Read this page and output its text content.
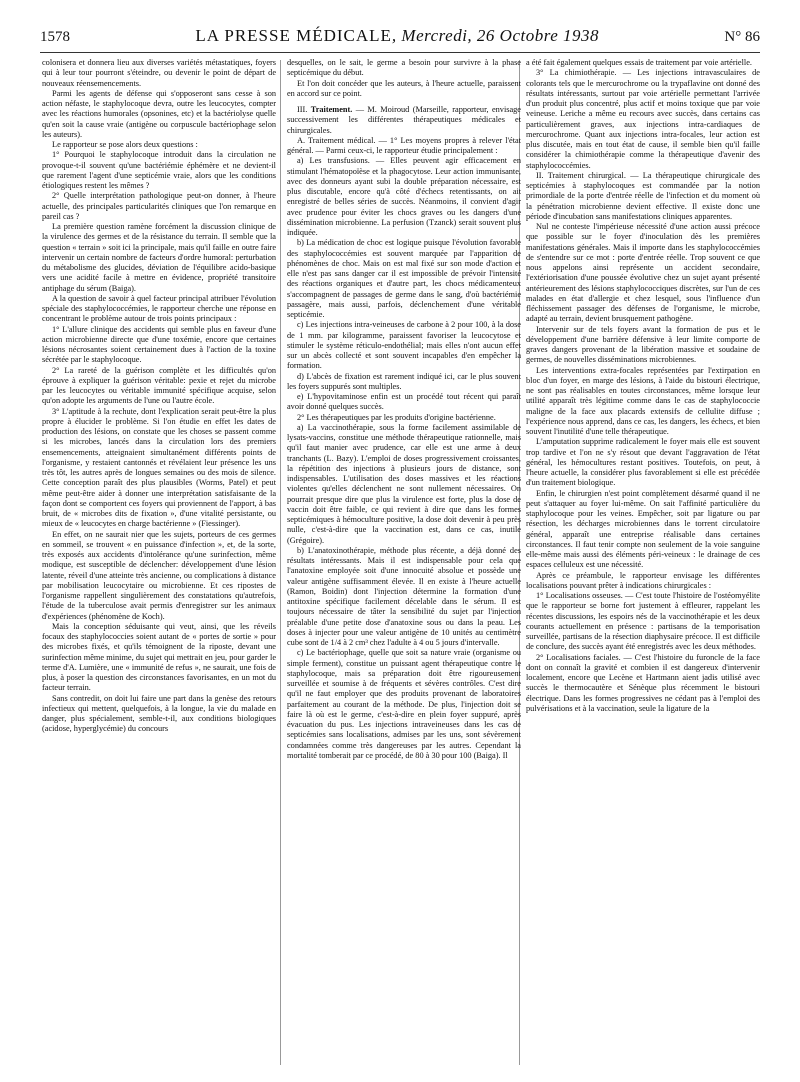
1578	LA PRESSE MÉDICALE, Mercredi, 26 Octobre 1938	N° 86

colonisera et donnera lieu aux diverses variétés métastatiques, foyers qui à leur tour pourront s'éteindre, ou devenir le point de départ de nouveaux réensemencements.

Parmi les agents de défense qui s'opposeront sans cesse à son action néfaste, le staphylocoque devra, outre les leucocytes, compter avec les réactions humorales (opsonines, etc) et la bactériolyse quelle qu'en soit la cause vraie (antigène ou corpuscule bactériophage selon les auteurs).

Le rapporteur se pose alors deux questions :

1° Pourquoi le staphylocoque introduit dans la circulation ne provoque-t-il souvent qu'une bactériémie éphémère et ne devient-il que rarement l'agent d'une septicémie vraie, alors que les conditions étiologiques restent les mêmes ?

2° Quelle interprétation pathologique peut-on donner, à l'heure actuelle, des principales particularités cliniques que l'on remarque en pareil cas ?

La première question ramène forcément la discussion clinique de la virulence des germes et de la résistance du terrain. Il semble que la question « terrain » soit ici la principale, mais qu'il faille en outre faire intervenir un certain nombre de facteurs d'ordre humoral: perturbation du métabolisme des glucides, déviation de l'équilibre acido-basique vers une acidité facile à mettre en évidence, propriété transitoire antiphage du sérum (Baiga).

A la question de savoir à quel facteur principal attribuer l'évolution spéciale des staphylococcémies, le rapporteur cherche une réponse en concentrant le problème autour de trois points principaux :

1° L'allure clinique des accidents qui semble plus en faveur d'une action microbienne directe que d'une toxémie, encore que certaines lésions nécrosantes soient certainement dues à l'action de la toxine sécrétée par le staphylocoque.

2° La rareté de la guérison complète et les difficultés qu'on éprouve à expliquer la guérison véritable: pexie et rejet du microbe par les leucocytes ou véritable immunité spécifique acquise, selon qu'on adopte les arguments de l'une ou l'autre école.

3° L'aptitude à la rechute, dont l'explication serait peut-être la plus propre à élucider le problème. Si l'on étudie en effet les dates de production des lésions, on constate que les choses se passent comme si les microbes, lancés dans la circulation lors des premiers ensemencements, atteignaient simultanément différents points de l'organisme, y restaient cantonnés et révélaient leur présence les uns très tôt, les autres après de longues semaines ou des mois de silence. Cette conception paraît des plus plausibles (Worms, Patel) et peut même peut-être aider à donner une interprétation satisfaisante de la façon dont se comportent ces foyers qui proviennent de l'apport, à bas bruit, de « microbes dits de fixation », d'une vitalité persistante, ou mieux de « leucocytes en charge bactérienne » (Fiessinger).

En effet, on ne saurait nier que les sujets, porteurs de ces germes en sommeil, se trouvent « en puissance d'infection », et, de la sorte, très exposés aux accidents d'intolérance qu'une surinfection, même modique, est susceptible de déclencher: développement d'une lésion latente, réveil d'une atteinte très ancienne, ou complications à distance par mobilisation leucocytaire ou microbienne. Et ces ripostes de l'organisme rappellent singulièrement des constatations qu'autrefois, l'étude de la tuberculose avait permis d'enregistrer sur les animaux d'expériences (phénomène de Koch).

Mais la conception séduisante qui veut, ainsi, que les réveils focaux des staphylococcies soient autant de « portes de sortie » pour des microbes fixés, et qu'ils témoignent de la riposte, devant une surinfection même minime, du sujet qui mettrait en jeu, pour garder le terme d'A. Lumière, une « immunité de refus », ne saurait, une fois de plus, à poser la question des circonstances favorisantes, en un mot du facteur terrain.

Sans contredit, on doit lui faire une part dans la genèse des retours infectieux qui mettent, quelquefois, à la longue, la vie du malade en danger, plus spécialement, semble-t-il, aux conditions biologiques (acidose, hyperglycémie) du concours

desquelles, on le sait, le germe a besoin pour survivre à la phase septicémique du début.

Et l'on doit concéder que les auteurs, à l'heure actuelle, paraissent en accord sur ce point.

III. Traitement. — M. Moiroud (Marseille, rapporteur, envisage successivement les différentes thérapeutiques médicales et chirurgicales.

A. Traitement médical. — 1° Les moyens propres à relever l'état général. — Parmi ceux-ci, le rapporteur étudie principalement :

a) Les transfusions. — Elles peuvent agir efficacement en stimulant l'hématopoïèse et la phagocytose. Leur action immunisante, avec des donneurs ayant subi la double préparation nécessaire, est plus discutable, encore qu'à côté d'échecs retentissants, on ait enregistré de belles séries de succès. Néanmoins, il convient d'agir avec prudence pour éviter les chocs graves ou les dangers d'une dissémination microbienne. La perfusion (Tzanck) serait souvent plus indiquée.

b) La médication de choc est logique puisque l'évolution favorable des staphylococcémies est souvent marquée par l'apparition de phénomènes de choc. Mais on est mal fixé sur son mode d'action et elle n'est pas sans danger car il est impossible de prévoir l'intensité des réactions organiques et d'autre part, les chocs médicamenteux s'accompagnent de passages de germe dans le sang, d'où bactériémie passagère, mais aussi, parfois, déclenchement d'une véritable septicémie.

c) Les injections intra-veineuses de carbone à 2 pour 100, à la dose de 1 mm. par kilogramme, paraissent favoriser la leucocytose et stimuler le système réticulo-endothélial; mais elles n'ont aucun effet sur un abcès collecté et sont souvent incapables d'en empêcher la formation.

d) L'abcès de fixation est rarement indiqué ici, car le plus souvent les foyers suppurés sont multiples.

e) L'hypovitaminose enfin est un procédé tout récent qui paraît avoir donné quelques succès.

2° Les thérapeutiques par les produits d'origine bactérienne.

a) La vaccinothérapie, sous la forme facilement assimilable de lysats-vaccins, constitue une méthode thérapeutique rationnelle, mais qu'il faut manier avec prudence, car elle est une arme à deux tranchants (L. Bazy). L'emploi de doses progressivement croissantes, la répétition des injections à plusieurs jours de distance, sont indispensables. L'utilisation des doses massives et les réactions violentes qu'elles déclenchent ne sont nullement nécessaires. On pourrait presque dire que plus la virulence est forte, plus la dose de vaccin doit être faible, ce qui revient à dire que dans les formes septicémiques à hémoculture positive, la dose doit devenir à peu près nulle, c'est-à-dire que la vaccination est, dans ce cas, inutile (Grégoire).

b) L'anatoxinothérapie, méthode plus récente, a déjà donné des résultats intéressants. Mais il est indispensable pour cela que l'anatoxine employée soit d'une innocuité absolue et possède une valeur antigène suffisamment élevée. Il en existe à l'heure actuelle (Ramon, Boidin) dont l'injection détermine la formation d'une antitoxine spécifique facilement décelable dans le sérum. Il est toujours nécessaire de tâter la sensibilité du sujet par l'injection préalable d'une petite dose d'anatoxine sous ou dans la peau. Les doses à injecter pour une valeur antigène de 10 unités au centimètre cube sont de 1/4 à 2 cm³ chez l'adulte à 4 ou 5 jours d'intervalle.

c) Le bactériophage, quelle que soit sa nature vraie (organisme ou simple ferment), constitue un puissant agent thérapeutique contre le staphylocoque, mais sa préparation doit être rigoureusement surveillée et soumise à de fréquents et sévères contrôles. C'est dire qu'il ne faut employer que des produits provenant de laboratoires parfaitement au courant de la méthode. De plus, l'injection doit se faire là où est le germe, c'est-à-dire en plein foyer suppuré, après évacuation du pus. Les injections intraveineuses dans les cas de septicémies sans localisations, admises par les uns, sont sévèrement condamnées comme très dangereuses par les autres. Cependant la mortalité tomberait par ce procédé, de 80 à 30 pour 100 (Baiga). Il

a été fait également quelques essais de traitement par voie artérielle.

3° La chimiothérapie. — Les injections intravasculaires de colorants tels que le mercurochrome ou la trypaflavine ont donné des résultats intéressants, surtout par voie artérielle permettant l'arrivée d'un produit plus concentré, plus actif et moins toxique que par voie veineuse. Leriche a même eu recours avec succès, dans certains cas particulièrement graves, aux injections intra-cardiaques de mercurochrome. Quant aux injections intra-focales, leur action est plus discutée, mais en tout état de cause, il semble bien qu'il faille considérer la chimiothérapie comme la thérapeutique d'avenir des staphylococcémies.

II. Traitement chirurgical. — La thérapeutique chirurgicale des septicémies à staphylocoques est commandée par la notion primordiale de la porte d'entrée réelle de l'infection et du moment où la pénétration microbienne devient effective. Il existe donc une période d'incubation sans manifestations cliniques apparentes.

Nul ne conteste l'impérieuse nécessité d'une action aussi précoce que possible sur le foyer d'inoculation dès les premières manifestations générales. Mais il importe dans les staphylococcémies de s'entendre sur ce mot : porte d'entrée réelle. Trop souvent ce que nous appelons ainsi représente un accident secondaire, l'extériorisation d'une poussée évolutive chez un sujet ayant présenté antérieurement des lésions staphylococciques discrètes, sur l'un de ces malades en état d'allergie et chez lesquel, sous l'influence d'un fléchissement passager des défenses de l'organisme, le microbe, adapté au terrain, devient brusquement pathogène.

Intervenir sur de tels foyers avant la formation de pus et le développement d'une barrière défensive à leur limite comporte de graves dangers provenant de la libération massive et soudaine de germes, de nouvelles disséminations microbiennes.

Les interventions extra-focales représentées par l'extirpation en bloc d'un foyer, en marge des lésions, à l'aide du bistouri électrique, ne sont pas réalisables en toutes circonstances, même lorsque leur utilité apparaît très légitime comme dans le cas de staphylococcie maligne de la face aux placards extensifs de cellulite diffuse ; l'expérience nous apprend, dans ce cas, les dangers, les échecs, et bien souvent l'inutilité d'une telle thérapeutique.

L'amputation supprime radicalement le foyer mais elle est souvent trop tardive et l'on ne s'y résout que devant l'aggravation de l'état général, les hémocultures restant positives. Toutefois, on peut, à l'heure actuelle, la considérer plus favorablement si elle est précédée d'un traitement biologique.

Enfin, le chirurgien n'est point complètement désarmé quand il ne peut s'attaquer au foyer lui-même. On sait l'affinité particulière du staphylocoque pour les veines. Empêcher, soit par ligature ou par résection, les décharges microbiennes dans le torrent circulatoire général, apparaît une entreprise réalisable dans certaines circonstances. Il faut tenir compte non seulement de la voie sanguine elle-même mais aussi des éléments péri-veineux : le drainage de ces espaces celluleux est une nécessité.

Après ce préambule, le rapporteur envisage les différentes localisations pouvant prêter à indications chirurgicales :

1° Localisations osseuses. — C'est toute l'histoire de l'ostéomyélite que le rapporteur se borne fort justement à effleurer, rappelant les récentes discussions, les espoirs nés de la vaccinothérapie et les deux courants actuellement en présence : partisans de la temporisation surveillée, partisans de la résection diaphysaire précoce. Il est difficile de conclure, des succès ayant été enregistrés avec les deux méthodes.

2° Localisations faciales. — C'est l'histoire du furoncle de la face dont on connaît la gravité et combien il est dangereux d'intervenir localement, encore que Lecène et Hartmann aient jadis utilisé avec succès le thermocautère et Sénèque plus récemment le bistouri électrique. Dans les formes progressives ne cédant pas à l'emploi des pulvérisations et à la vaccination, seule la ligature de la
